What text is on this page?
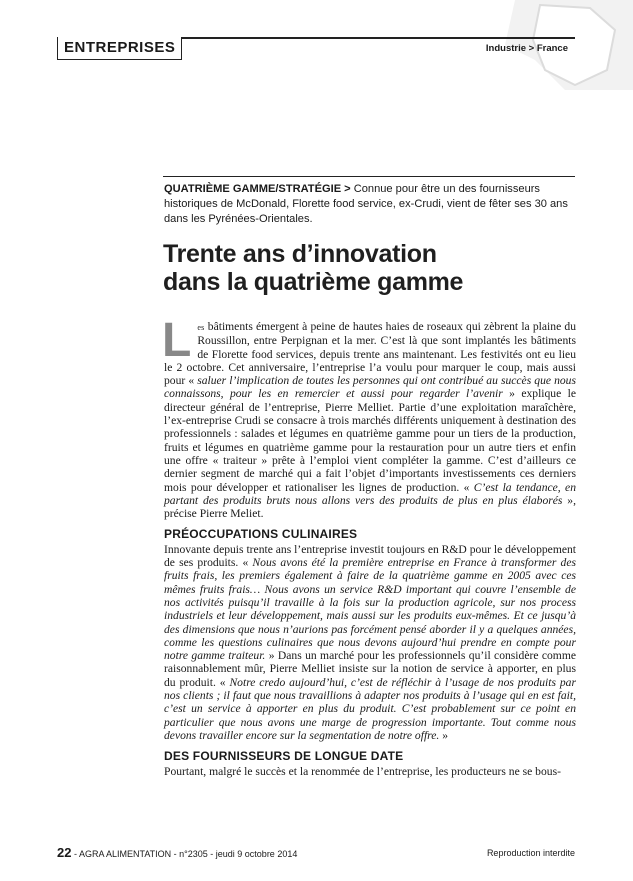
ENTREPRISES	Industrie > France
QUATRIÈME GAMME/STRATÉGIE > Connue pour être un des fournisseurs historiques de McDonald, Florette food service, ex-Crudi, vient de fêter ses 30 ans dans les Pyrénées-Orientales.
Trente ans d’innovation
dans la quatrième gamme

Les bâtiments émergent à peine de hautes haies de roseaux qui zèbrent la plaine du Roussillon, entre Perpignan et la mer. C’est là que sont implantés les bâtiments de Florette food services, depuis trente ans maintenant. Les festivités ont eu lieu le 2 octobre. Cet anniversaire, l’entreprise l’a voulu pour marquer le coup, mais aussi pour « saluer l’implication de toutes les personnes qui ont contribué au succès que nous connaissons, pour les en remercier et aussi pour regarder l’avenir » explique le directeur général de l’entreprise, Pierre Melliet. Partie d’une exploitation maraîchère, l’ex-entreprise Crudi se consacre à trois marchés différents uniquement à destination des professionnels : salades et légumes en quatrième gamme pour un tiers de la production, fruits et légumes en quatrième gamme pour la restauration pour un autre tiers et enfin une offre « traiteur » prête à l’emploi vient compléter la gamme. C’est d’ailleurs ce dernier segment de marché qui a fait l’objet d’importants investissements ces derniers mois pour développer et rationaliser les lignes de production. « C’est la tendance, en partant des produits bruts nous allons vers des produits de plus en plus élaborés », précise Pierre Meliet.

PRÉOCCUPATIONS CULINAIRES

Innovante depuis trente ans l’entreprise investit toujours en R&D pour le développement de ses produits. « Nous avons été la première entreprise en France à transformer des fruits frais, les premiers également à faire de la quatrième gamme en 2005 avec ces mêmes fruits frais… Nous avons un service R&D important qui couvre l’ensemble de nos activités puisqu’il travaille à la fois sur la production agricole, sur nos process industriels et leur développement, mais aussi sur les produits eux-mêmes. Et ce jusqu’à des dimensions que nous n’aurions pas forcément pensé aborder il y a quelques années, comme les questions culinaires que nous devons aujourd’hui prendre en compte pour notre gamme traiteur. » Dans un marché pour les professionnels qu’il considère comme raisonnablement mûr, Pierre Melliet insiste sur la notion de service à apporter, en plus du produit. « Notre credo aujourd’hui, c’est de réfléchir à l’usage de nos produits par nos clients ; il faut que nous travaillions à adapter nos produits à l’usage qui en est fait, c’est un service à apporter en plus du produit. C’est probablement sur ce point en particulier que nous avons une marge de progression importante. Tout comme nous devons travailler encore sur la segmentation de notre offre. »

DES FOURNISSEURS DE LONGUE DATE

Pourtant, malgré le succès et la renommée de l’entreprise, les producteurs ne se bous-

22 - AGRA ALIMENTATION - n°2305 - jeudi 9 octobre 2014	Reproduction interdite
